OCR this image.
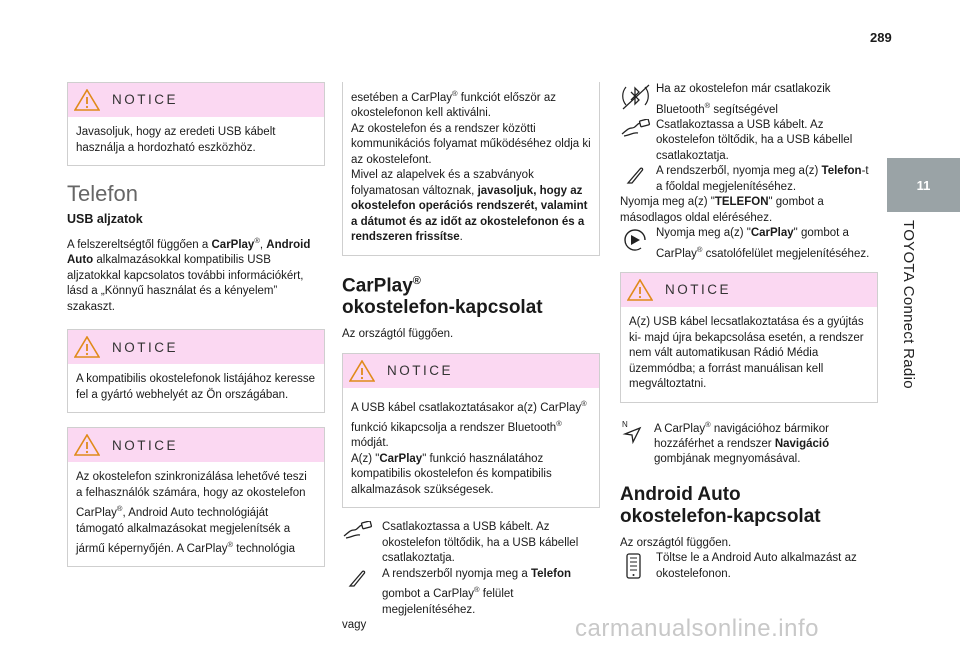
289
11
TOYOTA Connect Radio
NOTICE

Javasoljuk, hogy az eredeti USB kábelt használja a hordozható eszközhöz.

Telefon
USB aljzatok

A felszereltségtől függően a CarPlay®, Android Auto alkalmazásokkal kompatibilis USB aljzatokkal kapcsolatos további információkért, lásd a „Könnyű használat és a kényelem” szakaszt.

NOTICE

A kompatibilis okostelefonok listájához keresse fel a gyártó webhelyét az Ön országában.

NOTICE

Az okostelefon szinkronizálása lehetővé teszi a felhasználók számára, hogy az okostelefon CarPlay®, Android Auto technológiáját támogató alkalmazásokat megjelenítsék a jármű képernyőjén. A CarPlay® technológia

esetében a CarPlay® funkciót először az okostelefonon kell aktiválni.

Az okostelefon és a rendszer közötti kommunikációs folyamat működéséhez oldja ki az okostelefont.

Mivel az alapelvek és a szabványok folyamatosan változnak, javasoljuk, hogy az okostelefon operációs rendszerét, valamint a dátumot és az időt az okostelefonon és a rendszeren frissítse.

CarPlay®
okostelefon-kapcsolat

Az országtól függően.

NOTICE

A USB kábel csatlakoztatásakor a(z) CarPlay® funkció kikapcsolja a rendszer Bluetooth® módját.

A(z) "CarPlay" funkció használatához kompatibilis okostelefon és kompatibilis alkalmazások szükségesek.

Csatlakoztassa a USB kábelt. Az okostelefon töltődik, ha a USB kábellel csatlakoztatja.
A rendszerből nyomja meg a Telefon gombot a CarPlay® felület megjelenítéséhez.

vagy

Ha az okostelefon már csatlakozik Bluetooth® segítségével
Csatlakoztassa a USB kábelt. Az okostelefon töltődik, ha a USB kábellel csatlakoztatja.
A rendszerből, nyomja meg a(z) Telefon-t a főoldal megjelenítéséhez.

Nyomja meg a(z) "TELEFON" gombot a másodlagos oldal eléréséhez.

Nyomja meg a(z) "CarPlay" gombot a CarPlay® csatolófelület megjelenítéséhez.
NOTICE

A(z) USB kábel lecsatlakoztatása és a gyújtás ki- majd újra bekapcsolása esetén, a rendszer nem vált automatikusan Rádió Média üzemmódba; a forrást manuálisan kell megváltoztatni.

N	A CarPlay® navigációhoz bármikor hozzáférhet a rendszer Navigáció gombjának megnyomásával.
Android Auto
okostelefon-kapcsolat

Az országtól függően.

Töltse le a Android Auto alkalmazást az okostelefonon.
carmanualsonline.info
